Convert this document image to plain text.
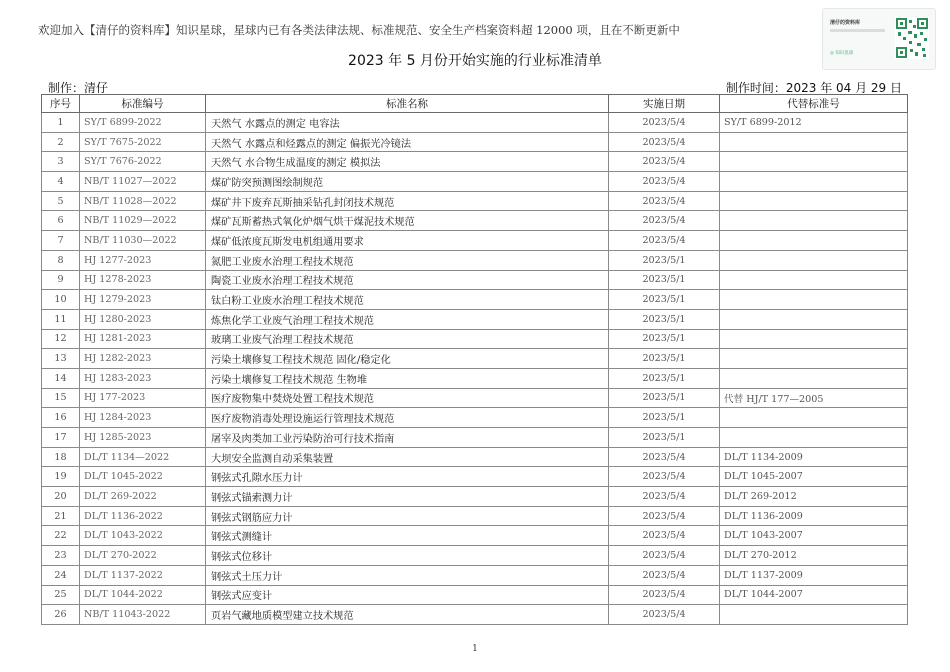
欢迎加入【清仔的资料库】知识星球，星球内已有各类法律法规、标准规范、安全生产档案资料超 12000 项，且在不断更新中	清仔的资料库
◎ 知识星球
2023 年 5 月份开始实施的行业标准清单
制作：清仔	制作时间：2023 年 04 月 29 日
序号	标准编号	标准名称	实施日期	代替标准号
1	SY/T 6899-2022	天然气 水露点的测定 电容法	2023/5/4	SY/T 6899-2012
2	SY/T 7675-2022	天然气 水露点和烃露点的测定 偏振光冷镜法	2023/5/4	
3	SY/T 7676-2022	天然气 水合物生成温度的测定 模拟法	2023/5/4	
4	NB/T 11027—2022	煤矿防突预测图绘制规范	2023/5/4	
5	NB/T 11028—2022	煤矿井下废弃瓦斯抽采钻孔封闭技术规范	2023/5/4	
6	NB/T 11029—2022	煤矿瓦斯蓄热式氧化炉烟气烘干煤泥技术规范	2023/5/4	
7	NB/T 11030—2022	煤矿低浓度瓦斯发电机组通用要求	2023/5/4	
8	HJ 1277-2023	氮肥工业废水治理工程技术规范	2023/5/1	
9	HJ 1278-2023	陶瓷工业废水治理工程技术规范	2023/5/1	
10	HJ 1279-2023	钛白粉工业废水治理工程技术规范	2023/5/1	
11	HJ 1280-2023	炼焦化学工业废气治理工程技术规范	2023/5/1	
12	HJ 1281-2023	玻璃工业废气治理工程技术规范	2023/5/1	
13	HJ 1282-2023	污染土壤修复工程技术规范 固化/稳定化	2023/5/1	
14	HJ 1283-2023	污染土壤修复工程技术规范 生物堆	2023/5/1	
15	HJ 177-2023	医疗废物集中焚烧处置工程技术规范	2023/5/1	代替 HJ/T 177—2005
16	HJ 1284-2023	医疗废物消毒处理设施运行管理技术规范	2023/5/1	
17	HJ 1285-2023	屠宰及肉类加工业污染防治可行技术指南	2023/5/1	
18	DL/T 1134—2022	大坝安全监测自动采集装置	2023/5/4	DL/T 1134-2009
19	DL/T 1045-2022	钢弦式孔隙水压力计	2023/5/4	DL/T 1045-2007
20	DL/T 269-2022	钢弦式锚索测力计	2023/5/4	DL/T 269-2012
21	DL/T 1136-2022	钢弦式钢筋应力计	2023/5/4	DL/T 1136-2009
22	DL/T 1043-2022	钢弦式测缝计	2023/5/4	DL/T 1043-2007
23	DL/T 270-2022	钢弦式位移计	2023/5/4	DL/T 270-2012
24	DL/T 1137-2022	钢弦式土压力计	2023/5/4	DL/T 1137-2009
25	DL/T 1044-2022	钢弦式应变计	2023/5/4	DL/T 1044-2007
26	NB/T 11043-2022	页岩气藏地质模型建立技术规范	2023/5/4	
1
